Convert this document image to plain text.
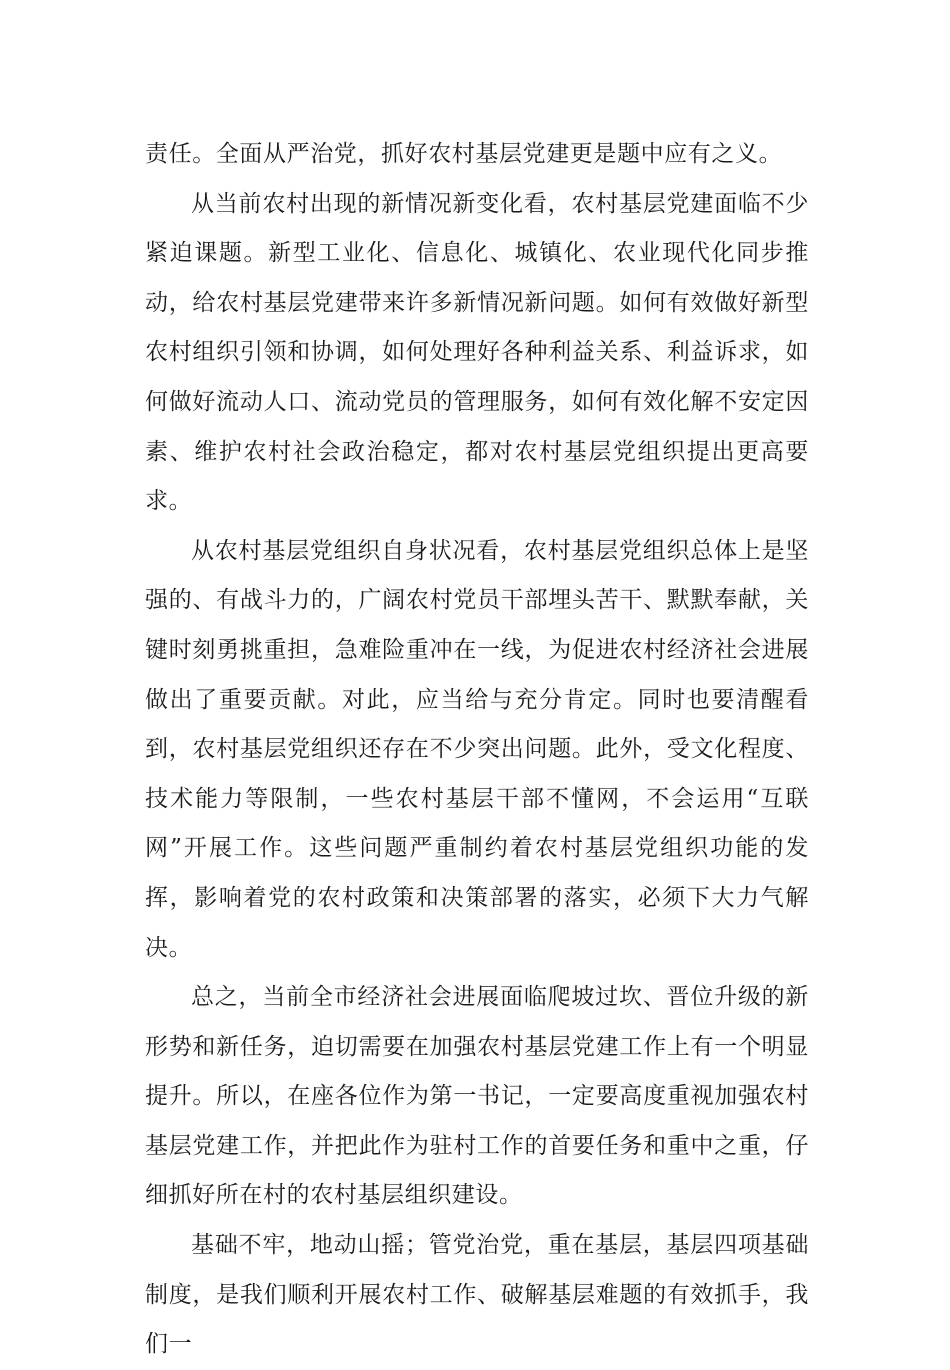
责任。全面从严治党，抓好农村基层党建更是题中应有之义。

从当前农村出现的新情况新变化看，农村基层党建面临不少紧迫课题。新型工业化、信息化、城镇化、农业现代化同步推动，给农村基层党建带来许多新情况新问题。如何有效做好新型农村组织引领和协调，如何处理好各种利益关系、利益诉求，如何做好流动人口、流动党员的管理服务，如何有效化解不安定因素、维护农村社会政治稳定，都对农村基层党组织提出更高要求。

从农村基层党组织自身状况看，农村基层党组织总体上是坚强的、有战斗力的，广阔农村党员干部埋头苦干、默默奉献，关键时刻勇挑重担，急难险重冲在一线，为促进农村经济社会进展做出了重要贡献。对此，应当给与充分肯定。同时也要清醒看到，农村基层党组织还存在不少突出问题。此外，受文化程度、技术能力等限制，一些农村基层干部不懂网，不会运用“互联网”开展工作。这些问题严重制约着农村基层党组织功能的发挥，影响着党的农村政策和决策部署的落实，必须下大力气解决。

总之，当前全市经济社会进展面临爬坡过坎、晋位升级的新形势和新任务，迫切需要在加强农村基层党建工作上有一个明显提升。所以，在座各位作为第一书记，一定要高度重视加强农村基层党建工作，并把此作为驻村工作的首要任务和重中之重，仔细抓好所在村的农村基层组织建设。

基础不牢，地动山摇；管党治党，重在基层，基层四项基础制度，是我们顺利开展农村工作、破解基层难题的有效抓手，我们一
